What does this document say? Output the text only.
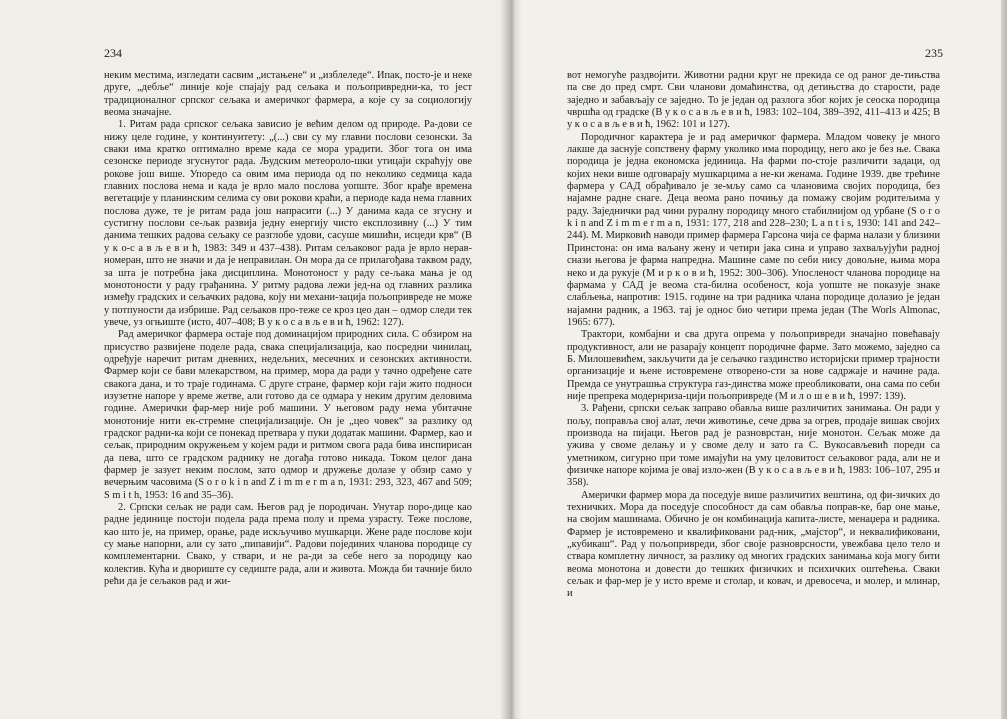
234

неким местима, изгледати сасвим „истањене“ и „изблеледе“. Ипак, посто-је и неке друге, „дебље“ линије које спајају рад сељака и пољопривредни-ка, то јест традиционалног српског сељака и америчког фармера, а које су за социологију веома значајне.

1. Ритам рада српског сељака зависио је већим делом од природе. Ра-дови се нижу целе године, у континуитету: „(...) сви су му главни послови сезонски. За сваки има кратко оптимално време када се мора урадити. Због тога он има сезонске периоде згуснутог рада. Људским метеороло-шки утицаји скраћују ове рокове још више. Упоредо са овим има периода од по неколико седмица када главних послова нема и када је врло мало послова уопште. Због крађе времена вегетације у планинским селима су ови рокови краћи, а периоде када нема главних послова дуже, те је ритам рада још напрасити (...) У данима када се згусну и сустигну послови се-љак развија једну енергију чисто експлозивну (...) У тим данима тешких радова сељаку се разглобе удови, сасуше мишићи, исцеди крв“ (В у к о-с а в љ е в и ћ, 1983: 349 и 437–438). Ритам сељаковог рада је врло нерав-номеран, што не значи и да је неправилан. Он мора да се прилагођава таквом раду, за шта је потребна јака дисциплина. Монотоност у раду се-љака мања је од монотоности у раду грађанина. У ритму радова лежи јед-на од главних разлика између градских и сељачких радова, коју ни механи-зација пољопривреде не може у потпуности да избрише. Рад сељаков про-теже се кроз цео дан – одмор следи тек увече, уз огњиште (исто, 407–408; В у к о с а в љ е в и ћ, 1962: 127).

Рад америчког фармера остаје под доминацијом природних сила. С обзиром на присуство развијене поделе рада, свака специјализација, као посредни чинилац, одређује наречит ритам дневних, недељних, месечних и сезонских активности. Фармер који се бави млекарством, на пример, мора да ради у тачно одређене сате свакога дана, и то траје годинама. С друге стране, фармер који гаји жито подноси изузетне напоре у време жетве, али готово да се одмара у неким другим деловима године. Амерички фар-мер није роб машини. У његовом раду нема убитачне монотоније нити ек-стремне специјализације. Он је „цео човек“ за разлику од градског радни-ка који се понекад претвара у пуки додатак машини. Фармер, као и сељак, природним окружењем у којем ради и ритмом свога рада бива инспирисан да пева, што се градском раднику не догађа готово никада. Током целог дана фармер је зазует неким послом, зато одмор и дружење долазе у обзир само у вечерњим часовима (S o r o k i n and Z i m m e r m a n, 1931: 293, 323, 467 and 509; S m i t h, 1953: 16 and 35–36).

2. Српски сељак не ради сам. Његов рад је породичан. Унутар поро-дице као радне јединице постоји подела рада према полу и према узрасту. Теже послове, као што је, на пример, орање, раде искључиво мушкарци. Жене раде послове који су мање напорни, али су зато „пипавији“. Радови појединих чланова породице су комплементарни. Свако, у ствари, и не ра-ди за себе него за породицу као колектив. Кућа и двориште су седиште рада, али и живота. Можда би тачније било рећи да је сељаков рад и жи-

235

вот немогуће раздвојити. Животни радни круг не прекида се од раног де-тињства па све до пред смрт. Сви чланови домаћинства, од детињства до старости, раде заједно и забављају се заједно. То је један од разлога због којих је сеоска породица чвршћа од градске (В у к о с а в љ е в и ћ, 1983: 102–104, 389–392, 411–413 и 425; В у к о с а в љ е в и ћ, 1962: 101 и 127).

Породичног карактера је и рад америчког фармера. Младом човеку је много лакше да заснује сопствену фарму уколико има породицу, него ако је без ње. Свака породица је једна економска јединица. На фарми по-стоје различити задаци, од којих неки више одговарају мушкарцима а не-ки женама. Године 1939. две трећине фармера у САД обрађивало је зе-мљу само са члановима својих породица, без најамне радне снаге. Деца веома рано почињу да помажу својим родитељима у раду. Заједнички рад чини руралну породицу много стабилнијом од урбане (S o r o k i n and Z i m m e r m a n, 1931: 177, 218 and 228–230; L a n t i s, 1930: 141 and 242–244). М. Мирковић наводи пример фармера Гарсона чија се фарма налази у близини Принстона: он има ваљану жену и четири јака сина и управо захваљујући радној снази његова је фарма напредна. Машине саме по себи нису довољне, њима мора неко и да рукује (М и р к о в и ћ, 1952: 300–306). Упосленост чланова породице на фармама у САД је веома ста-билна особеност, која уопште не показује знаке слабљења, напротив: 1915. године на три радника члана породице долазио је један најамни радник, а 1963. тај је однос био четири према један (The Worls Almonac, 1965: 677).

Трактори, комбајни и сва друга опрема у пољопривреди значајно повећавају продуктивност, али не разарају концепт породичне фарме. Зато можемо, заједно са Б. Милошевићем, закључити да је сељачко газдинство историјски пример трајности организације и њене истовремене отворено-сти за нове садржаје и начине рада. Премда се унутрашња структура газ-динства може преобликовати, она сама по себи није препрека модернриза-цији пољопривреде (М и л о ш е в и ћ, 1997: 139).

3. Рађени, српски сељак заправо обавља више различитих занимања. Он ради у пољу, поправља свој алат, лечи животиње, сече дрва за огрев, продаје вишак својих производа на пијаци. Његов рад је разноврстан, није монотон. Сељак може да ужива у своме делању и у своме делу и зато га С. Вукосављевић пореди са уметником, сигурно при томе имајући на уму целовитост сељаковог рада, али не и физичке напоре којима је овај изло-жен (В у к о с а в љ е в и ћ, 1983: 106–107, 295 и 358).

Амерички фармер мора да поседује више различитих вештина, од фи-зичких до техничких. Мора да поседује способност да сам обавља поправ-ке, бар оне мање, на својим машинама. Обично је он комбинација капита-листе, менаџера и радника. Фармер је истовремено и квалификовани рад-ник, „мајстор“, и неквалификовани, „кубикаш“. Рад у пољопривреди, због своје разноврсности, увежбава цело тело и ствара комплетну личност, за разлику од многих градских занимања која могу бити веома монотона и довести до тешких физичких и психичких оштећења. Сваки сељак и фар-мер је у исто време и столар, и ковач, и древосеча, и молер, и млинар, и
